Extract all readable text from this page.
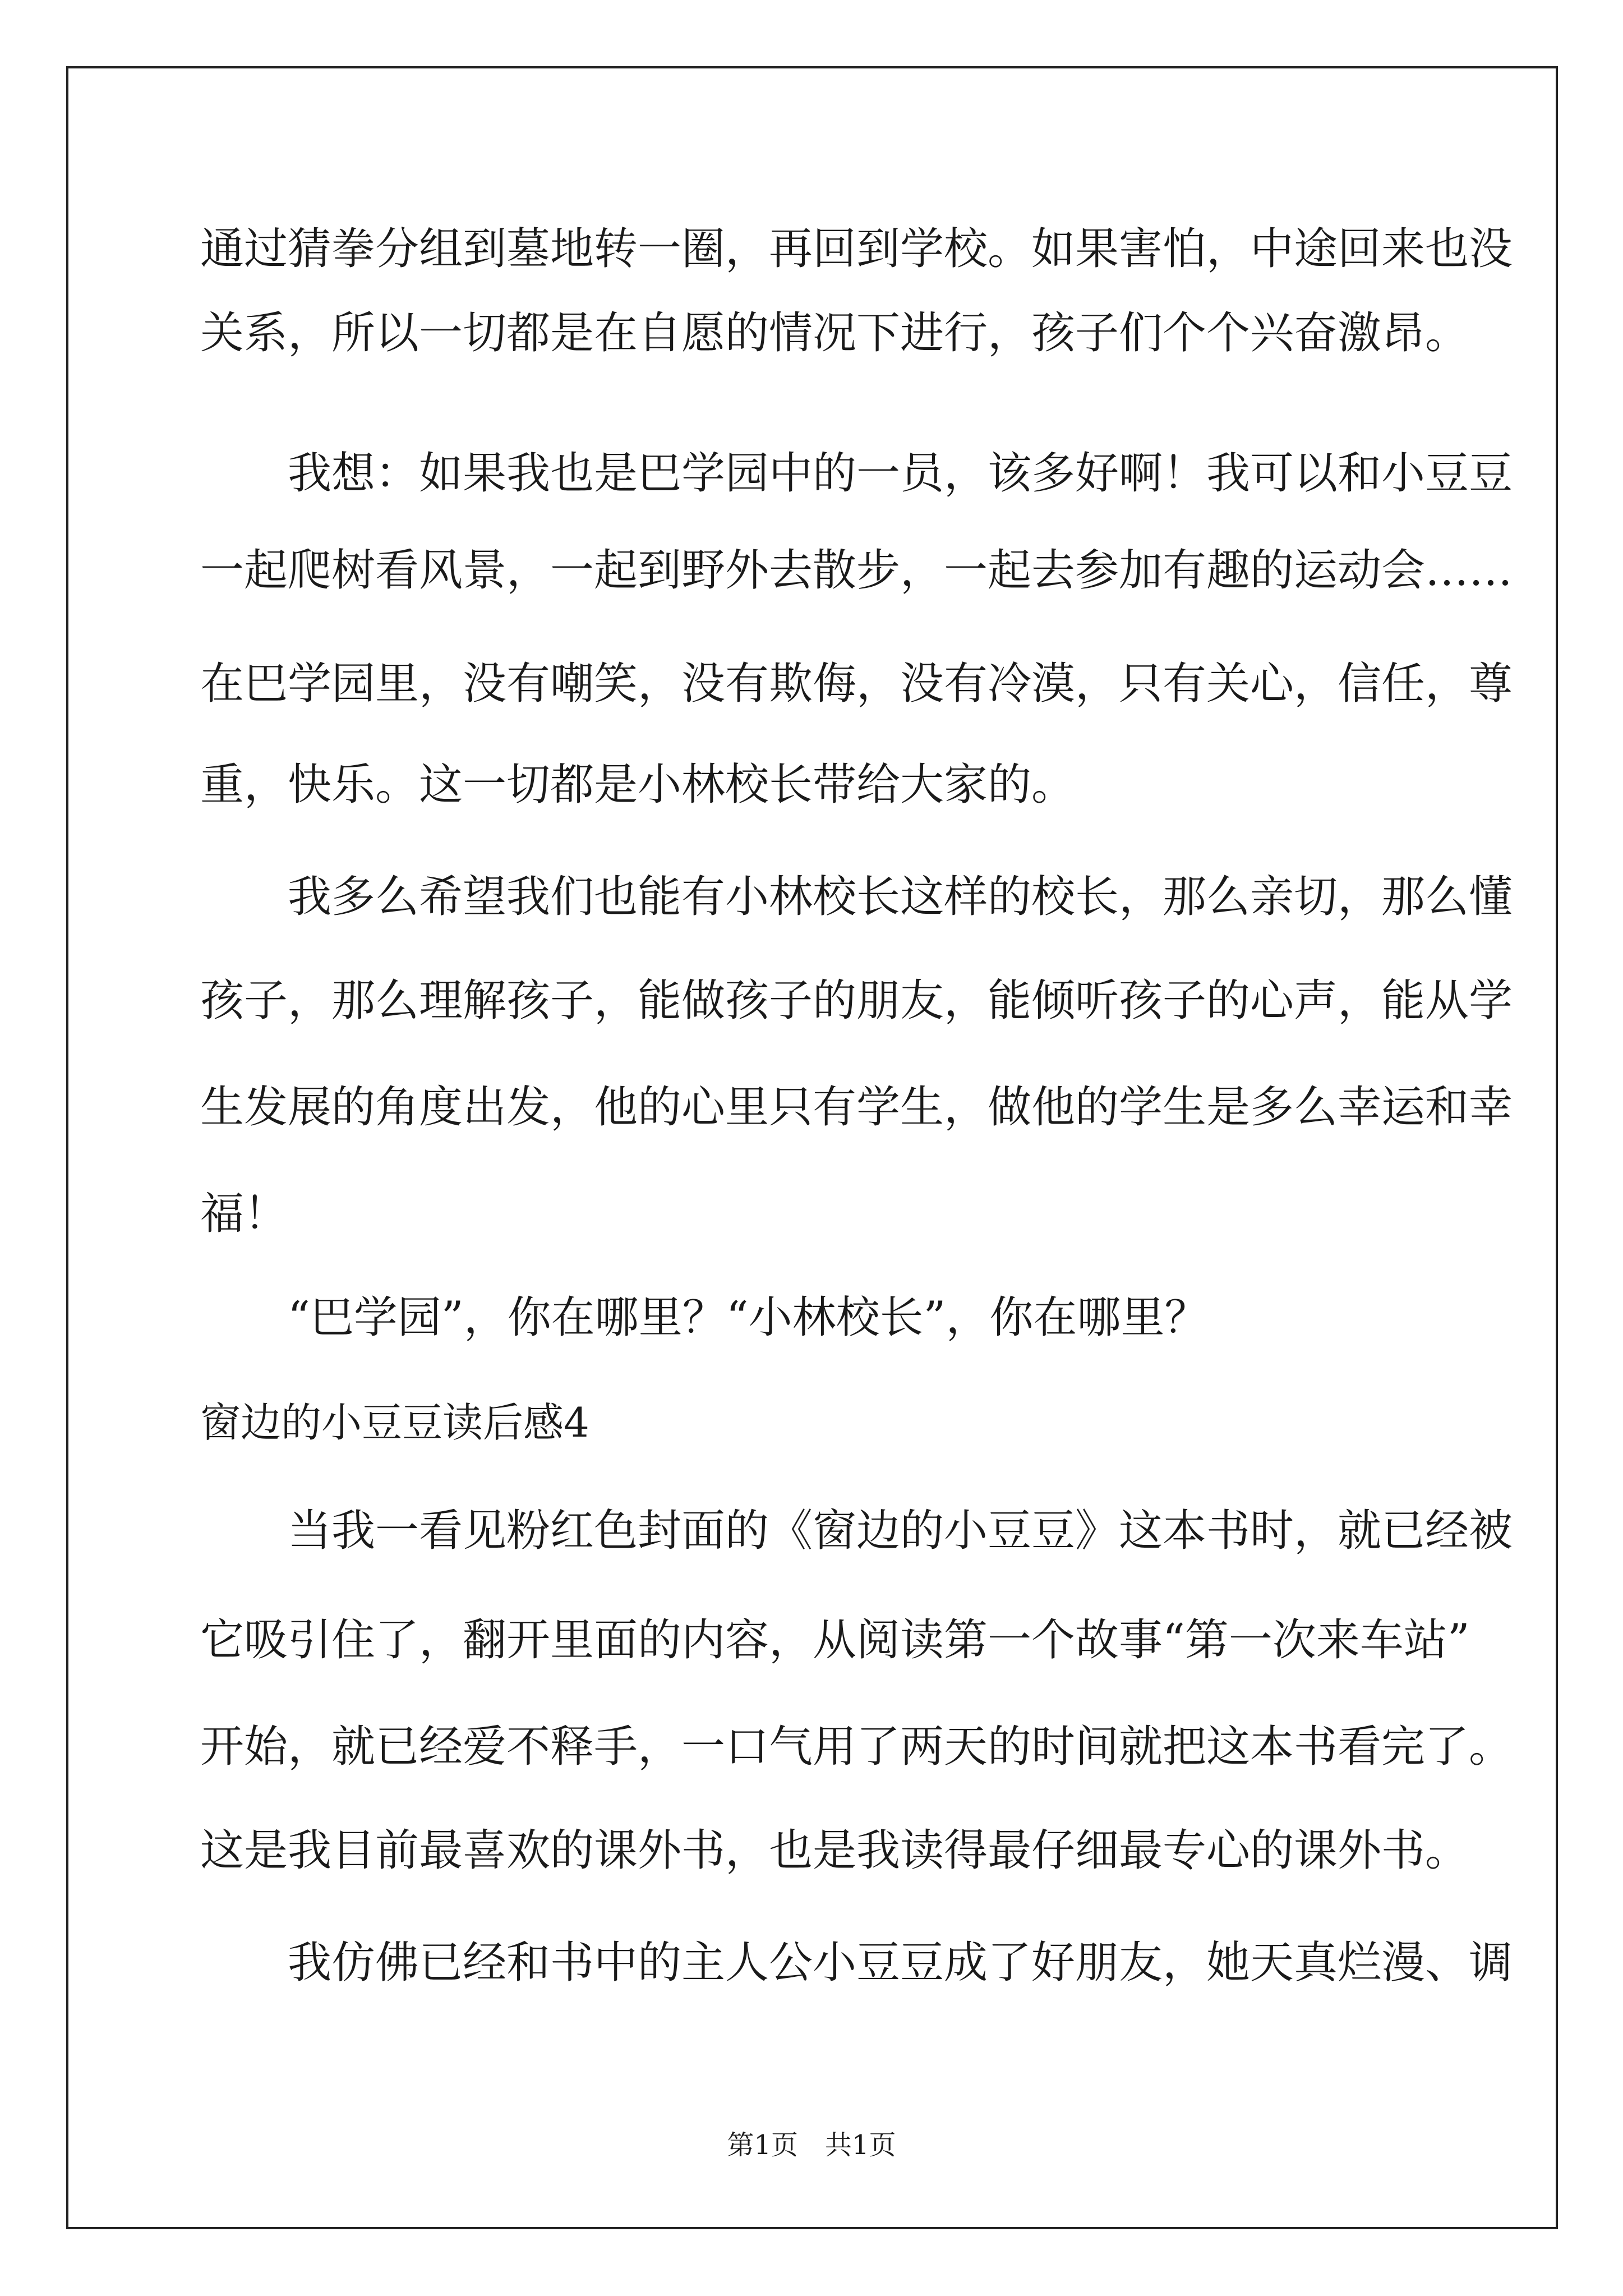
通过猜拳分组到墓地转一圈，再回到学校。如果害怕，中途回来也没
关系，所以一切都是在自愿的情况下进行，孩子们个个兴奋激昂。
　　我想：如果我也是巴学园中的一员，该多好啊！我可以和小豆豆
一起爬树看风景，一起到野外去散步，一起去参加有趣的运动会……
在巴学园里，没有嘲笑，没有欺侮，没有冷漠，只有关心，信任，尊
重，快乐。这一切都是小林校长带给大家的。
　　我多么希望我们也能有小林校长这样的校长，那么亲切，那么懂
孩子，那么理解孩子，能做孩子的朋友，能倾听孩子的心声，能从学
生发展的角度出发，他的心里只有学生，做他的学生是多么幸运和幸
福！
　　“巴学园”，你在哪里？“小林校长”，你在哪里？
窗边的小豆豆读后感4
　　当我一看见粉红色封面的《窗边的小豆豆》这本书时，就已经被
它吸引住了，翻开里面的内容，从阅读第一个故事“第一次来车站”
开始，就已经爱不释手，一口气用了两天的时间就把这本书看完了。
这是我目前最喜欢的课外书，也是我读得最仔细最专心的课外书。
　　我仿佛已经和书中的主人公小豆豆成了好朋友，她天真烂漫、调
第1页　共1页
